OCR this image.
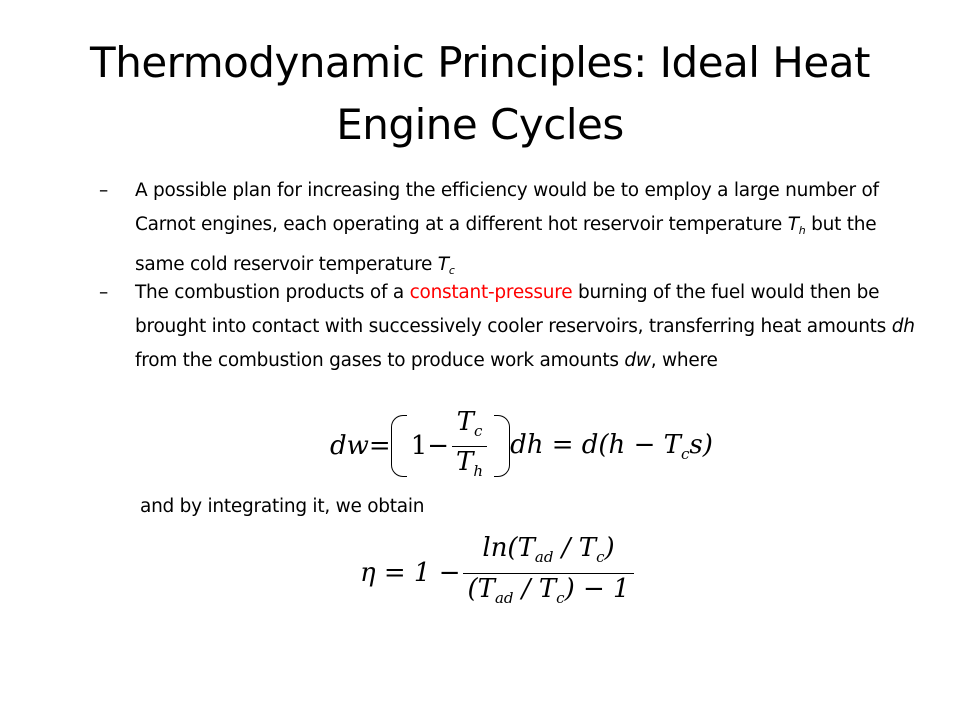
Thermodynamic Principles: Ideal Heat Engine Cycles
– A possible plan for increasing the efficiency would be to employ a large number of Carnot engines, each operating at a different hot reservoir temperature $T_h$ but the same cold reservoir temperature $T_c$
– The combustion products of a constant-pressure burning of the fuel would then be brought into contact with successively cooler reservoirs, transferring heat amounts dh from the combustion gases to produce work amounts dw, where
dw = $1 - \frac{T_c}{T_h}$ dh = $d(h - T_cs)$
and by integrating it, we obtain
$\eta = 1 - \frac{\ln(T_{ad} / T_c)}{(T_{ad} / T_c) - 1}$
